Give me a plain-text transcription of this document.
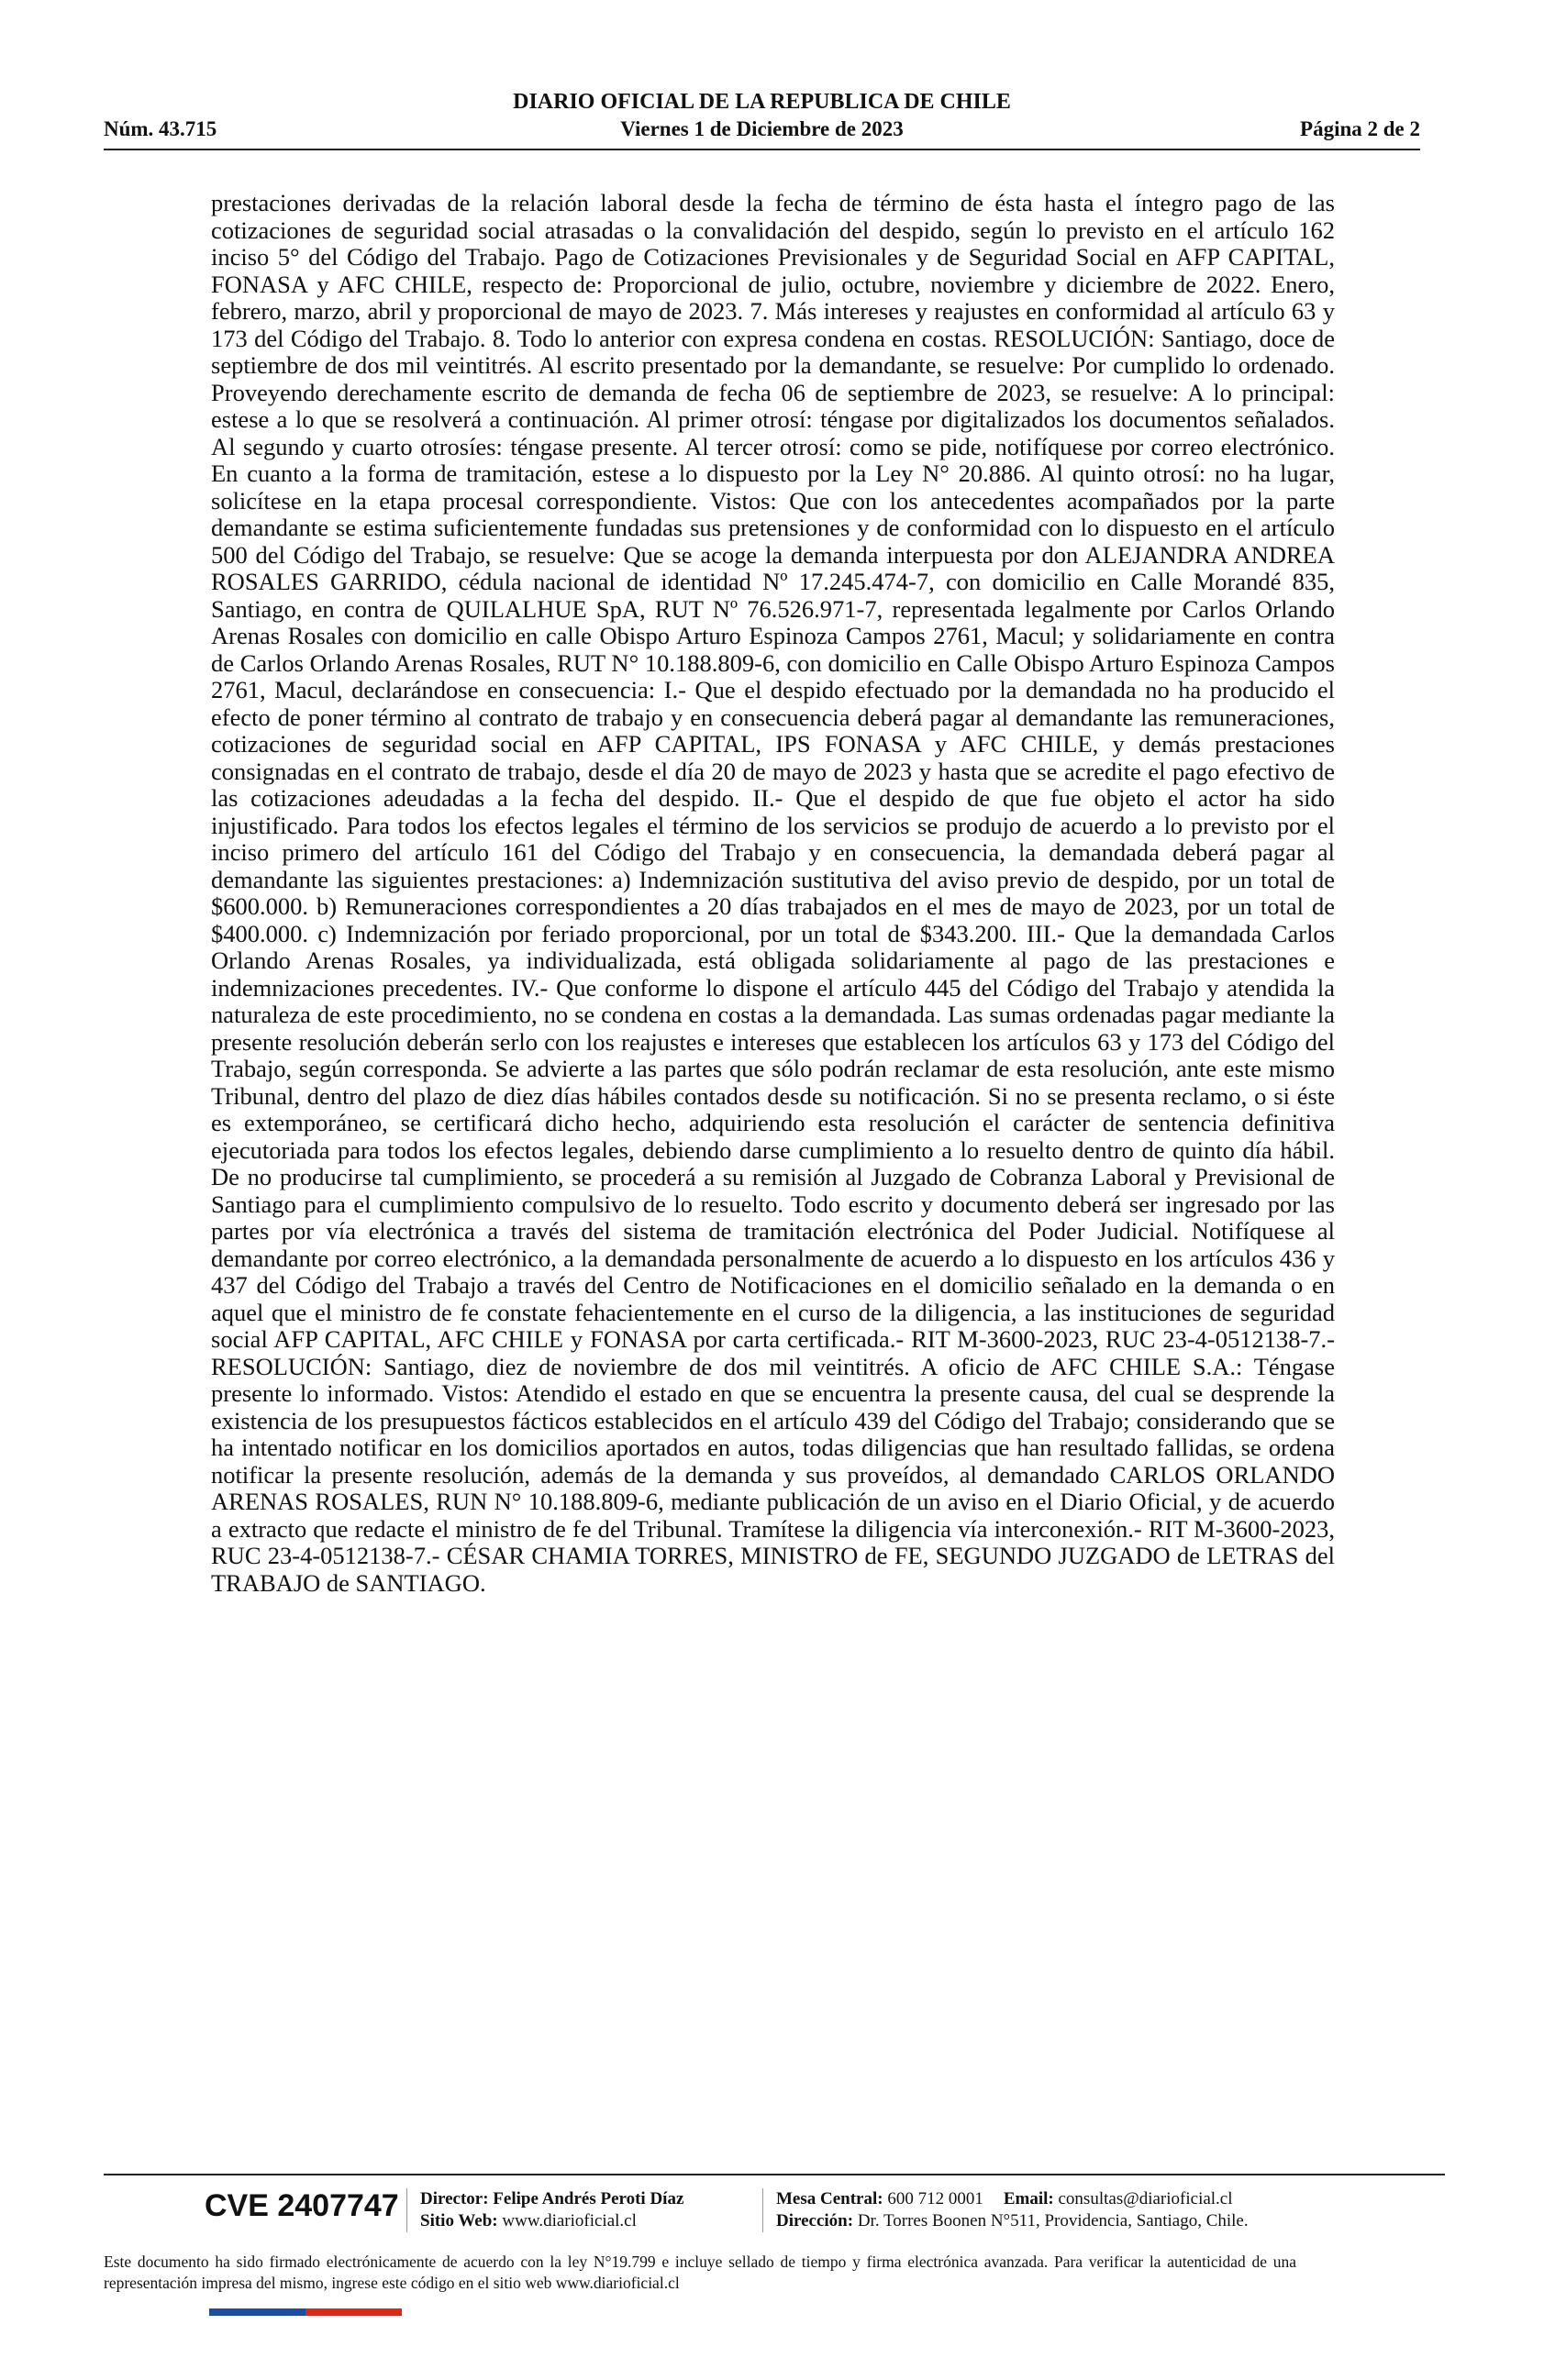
DIARIO OFICIAL DE LA REPUBLICA DE CHILE
Núm. 43.715	Viernes 1 de Diciembre de 2023	Página 2 de 2

prestaciones derivadas de la relación laboral desde la fecha de término de ésta hasta el íntegro pago de las cotizaciones de seguridad social atrasadas o la convalidación del despido, según lo previsto en el artículo 162 inciso 5° del Código del Trabajo. Pago de Cotizaciones Previsionales y de Seguridad Social en AFP CAPITAL, FONASA y AFC CHILE, respecto de: Proporcional de julio, octubre, noviembre y diciembre de 2022. Enero, febrero, marzo, abril y proporcional de mayo de 2023. 7. Más intereses y reajustes en conformidad al artículo 63 y 173 del Código del Trabajo. 8. Todo lo anterior con expresa condena en costas. RESOLUCIÓN: Santiago, doce de septiembre de dos mil veintitrés. Al escrito presentado por la demandante, se resuelve: Por cumplido lo ordenado. Proveyendo derechamente escrito de demanda de fecha 06 de septiembre de 2023, se resuelve: A lo principal: estese a lo que se resolverá a continuación. Al primer otrosí: téngase por digitalizados los documentos señalados. Al segundo y cuarto otrosíes: téngase presente. Al tercer otrosí: como se pide, notifíquese por correo electrónico. En cuanto a la forma de tramitación, estese a lo dispuesto por la Ley N° 20.886. Al quinto otrosí: no ha lugar, solicítese en la etapa procesal correspondiente. Vistos: Que con los antecedentes acompañados por la parte demandante se estima suficientemente fundadas sus pretensiones y de conformidad con lo dispuesto en el artículo 500 del Código del Trabajo, se resuelve: Que se acoge la demanda interpuesta por don ALEJANDRA ANDREA ROSALES GARRIDO, cédula nacional de identidad Nº 17.245.474-7, con domicilio en Calle Morandé 835, Santiago, en contra de QUILALHUE SpA, RUT Nº 76.526.971-7, representada legalmente por Carlos Orlando Arenas Rosales con domicilio en calle Obispo Arturo Espinoza Campos 2761, Macul; y solidariamente en contra de Carlos Orlando Arenas Rosales, RUT N° 10.188.809-6, con domicilio en Calle Obispo Arturo Espinoza Campos 2761, Macul, declarándose en consecuencia: I.- Que el despido efectuado por la demandada no ha producido el efecto de poner término al contrato de trabajo y en consecuencia deberá pagar al demandante las remuneraciones, cotizaciones de seguridad social en AFP CAPITAL, IPS FONASA y AFC CHILE, y demás prestaciones consignadas en el contrato de trabajo, desde el día 20 de mayo de 2023 y hasta que se acredite el pago efectivo de las cotizaciones adeudadas a la fecha del despido. II.- Que el despido de que fue objeto el actor ha sido injustificado. Para todos los efectos legales el término de los servicios se produjo de acuerdo a lo previsto por el inciso primero del artículo 161 del Código del Trabajo y en consecuencia, la demandada deberá pagar al demandante las siguientes prestaciones: a) Indemnización sustitutiva del aviso previo de despido, por un total de $600.000. b) Remuneraciones correspondientes a 20 días trabajados en el mes de mayo de 2023, por un total de $400.000. c) Indemnización por feriado proporcional, por un total de $343.200. III.- Que la demandada Carlos Orlando Arenas Rosales, ya individualizada, está obligada solidariamente al pago de las prestaciones e indemnizaciones precedentes. IV.- Que conforme lo dispone el artículo 445 del Código del Trabajo y atendida la naturaleza de este procedimiento, no se condena en costas a la demandada. Las sumas ordenadas pagar mediante la presente resolución deberán serlo con los reajustes e intereses que establecen los artículos 63 y 173 del Código del Trabajo, según corresponda. Se advierte a las partes que sólo podrán reclamar de esta resolución, ante este mismo Tribunal, dentro del plazo de diez días hábiles contados desde su notificación. Si no se presenta reclamo, o si éste es extemporáneo, se certificará dicho hecho, adquiriendo esta resolución el carácter de sentencia definitiva ejecutoriada para todos los efectos legales, debiendo darse cumplimiento a lo resuelto dentro de quinto día hábil. De no producirse tal cumplimiento, se procederá a su remisión al Juzgado de Cobranza Laboral y Previsional de Santiago para el cumplimiento compulsivo de lo resuelto. Todo escrito y documento deberá ser ingresado por las partes por vía electrónica a través del sistema de tramitación electrónica del Poder Judicial. Notifíquese al demandante por correo electrónico, a la demandada personalmente de acuerdo a lo dispuesto en los artículos 436 y 437 del Código del Trabajo a través del Centro de Notificaciones en el domicilio señalado en la demanda o en aquel que el ministro de fe constate fehacientemente en el curso de la diligencia, a las instituciones de seguridad social AFP CAPITAL, AFC CHILE y FONASA por carta certificada.- RIT M-3600-2023, RUC 23-4-0512138-7.- RESOLUCIÓN: Santiago, diez de noviembre de dos mil veintitrés. A oficio de AFC CHILE S.A.: Téngase presente lo informado. Vistos: Atendido el estado en que se encuentra la presente causa, del cual se desprende la existencia de los presupuestos fácticos establecidos en el artículo 439 del Código del Trabajo; considerando que se ha intentado notificar en los domicilios aportados en autos, todas diligencias que han resultado fallidas, se ordena notificar la presente resolución, además de la demanda y sus proveídos, al demandado CARLOS ORLANDO ARENAS ROSALES, RUN N° 10.188.809-6, mediante publicación de un aviso en el Diario Oficial, y de acuerdo a extracto que redacte el ministro de fe del Tribunal. Tramítese la diligencia vía interconexión.- RIT M-3600-2023, RUC 23-4-0512138-7.- CÉSAR CHAMIA TORRES, MINISTRO de FE, SEGUNDO JUZGADO de LETRAS del TRABAJO de SANTIAGO.

CVE 2407747 Director: Felipe Andrés Peroti Díaz
Sitio Web: www.diarioficial.cl
Mesa Central: 600 712 0001 Email: consultas@diarioficial.cl
Dirección: Dr. Torres Boonen N°511, Providencia, Santiago, Chile.
Este documento ha sido firmado electrónicamente de acuerdo con la ley N°19.799 e incluye sellado de tiempo y firma electrónica avanzada. Para verificar la autenticidad de una representación impresa del mismo, ingrese este código en el sitio web www.diarioficial.cl
